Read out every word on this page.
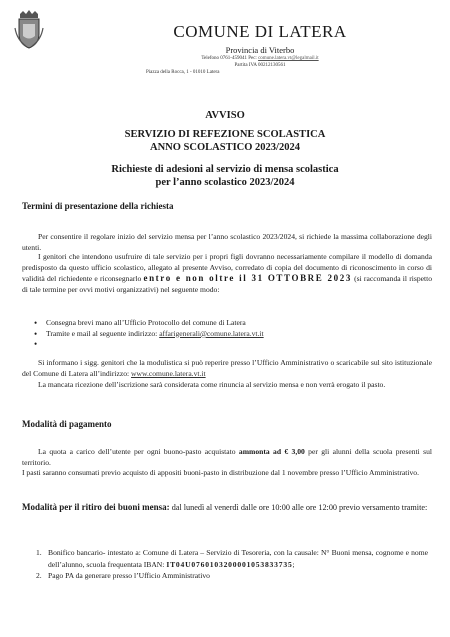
COMUNE DI LATERA
Provincia di Viterbo
Telefono 0761-459041 Pec: comune.latera.vt@legalmail.it
Partita IVA 00212130561
Piazza della Rocca, 1 - 01010 Latera
AVVISO
SERVIZIO DI REFEZIONE SCOLASTICA
ANNO SCOLASTICO 2023/2024
Richieste di adesioni al servizio di mensa scolastica
per l’anno scolastico 2023/2024
Termini di presentazione della richiesta
Per consentire il regolare inizio del servizio mensa per l’anno scolastico 2023/2024, si richiede la massima collaborazione degli utenti.
I genitori che intendono usufruire di tale servizio per i propri figli dovranno necessariamente compilare il modello di domanda predisposto da questo ufficio scolastico, allegato al presente Avviso, corredato di copia del documento di riconoscimento in corso di validità del richiedente e riconsegnarlo entro e non oltre il 31 OTTOBRE 2023 (si raccomanda il rispetto di tale termine per ovvi motivi organizzativi) nel seguente modo:
• Consegna brevi mano all’Ufficio Protocollo del comune di Latera
• Tramite e mail al seguente indirizzo: affarigenerali@comune.latera.vt.it
•
Si informano i sigg. genitori che la modulistica si può reperire presso l’Ufficio Amministrativo o scaricabile sul sito istituzionale del Comune di Latera all’indirizzo: www.comune.latera.vt.it
La mancata ricezione dell’iscrizione sarà considerata come rinuncia al servizio mensa e non verrà erogato il pasto.
Modalità di pagamento
La quota a carico dell’utente per ogni buono-pasto acquistato ammonta ad € 3,00 per gli alunni della scuola presenti sul territorio.
I pasti saranno consumati previo acquisto di appositi buoni-pasto in distribuzione dal 1 novembre presso l’Ufficio Amministrativo.
Modalità per il ritiro dei buoni mensa: dal lunedì al venerdì dalle ore 10:00 alle ore 12:00 previo versamento tramite:
1. Bonifico bancario- intestato a: Comune di Latera – Servizio di Tesoreria, con la causale: N° Buoni mensa, cognome e nome dell’alunno, scuola frequentata IBAN: IT04U0760103200001053833735;
2. Pago PA da generare presso l’Ufficio Amministrativo
